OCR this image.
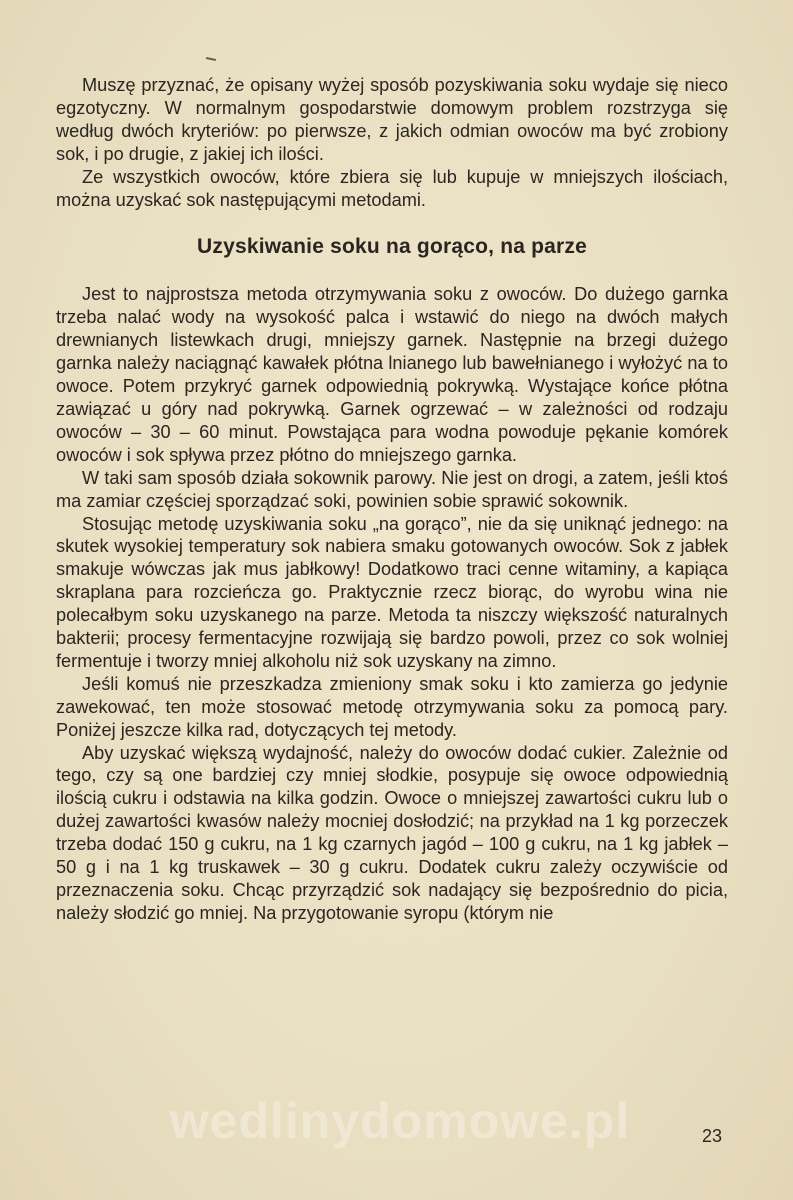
Muszę przyznać, że opisany wyżej sposób pozyskiwania soku wydaje się nieco egzotyczny. W normalnym gospodarstwie domowym problem rozstrzyga się według dwóch kryteriów: po pierwsze, z jakich odmian owoców ma być zrobiony sok, i po drugie, z jakiej ich ilości.

Ze wszystkich owoców, które zbiera się lub kupuje w mniejszych ilościach, można uzyskać sok następującymi metodami.

Uzyskiwanie soku na gorąco, na parze

Jest to najprostsza metoda otrzymywania soku z owoców. Do dużego garnka trzeba nalać wody na wysokość palca i wstawić do niego na dwóch małych drewnianych listewkach drugi, mniejszy garnek. Następnie na brzegi dużego garnka należy naciągnąć kawałek płótna lnianego lub bawełnianego i wyłożyć na to owoce. Potem przykryć garnek odpowiednią pokrywką. Wystające końce płótna zawiązać u góry nad pokrywką. Garnek ogrzewać – w zależności od rodzaju owoców – 30 – 60 minut. Powstająca para wodna powoduje pękanie komórek owoców i sok spływa przez płótno do mniejszego garnka.

W taki sam sposób działa sokownik parowy. Nie jest on drogi, a zatem, jeśli ktoś ma zamiar częściej sporządzać soki, powinien sobie sprawić sokownik.

Stosując metodę uzyskiwania soku „na gorąco”, nie da się uniknąć jednego: na skutek wysokiej temperatury sok nabiera smaku gotowanych owoców. Sok z jabłek smakuje wówczas jak mus jabłkowy! Dodatkowo traci cenne witaminy, a kapiąca skraplana para rozcieńcza go. Praktycznie rzecz biorąc, do wyrobu wina nie polecałbym soku uzyskanego na parze. Metoda ta niszczy większość naturalnych bakterii; procesy fermentacyjne rozwijają się bardzo powoli, przez co sok wolniej fermentuje i tworzy mniej alkoholu niż sok uzyskany na zimno.

Jeśli komuś nie przeszkadza zmieniony smak soku i kto zamierza go jedynie zawekować, ten może stosować metodę otrzymywania soku za pomocą pary. Poniżej jeszcze kilka rad, dotyczących tej metody.

Aby uzyskać większą wydajność, należy do owoców dodać cukier. Zależnie od tego, czy są one bardziej czy mniej słodkie, posypuje się owoce odpowiednią ilością cukru i odstawia na kilka godzin. Owoce o mniejszej zawartości cukru lub o dużej zawartości kwasów należy mocniej dosłodzić; na przykład na 1 kg porzeczek trzeba dodać 150 g cukru, na 1 kg czarnych jagód – 100 g cukru, na 1 kg jabłek – 50 g i na 1 kg truskawek – 30 g cukru. Dodatek cukru zależy oczywiście od przeznaczenia soku. Chcąc przyrządzić sok nadający się bezpośrednio do picia, należy słodzić go mniej. Na przygotowanie syropu (którym nie

wedlinydomowe.pl	23
